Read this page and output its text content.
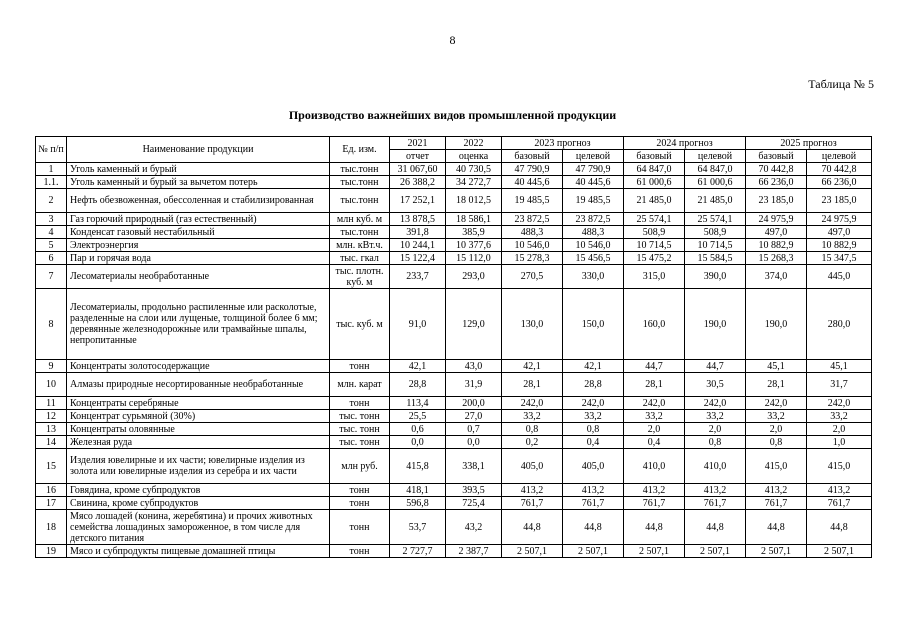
8
Таблица № 5
Производство важнейших видов промышленной продукции
№ п/п	Наименование продукции	Ед. изм.	2021	2022	2023 прогноз		2024 прогноз		2025 прогноз	
			отчет	оценка	базовый	целевой	базовый	целевой	базовый	целевой
1	Уголь каменный и бурый	тыс.тонн	31 067,60	40 730,5	47 790,9	47 790,9	64 847,0	64 847,0	70 442,8	70 442,8
1.1.	Уголь каменный и бурый за вычетом потерь	тыс.тонн	26 388,2	34 272,7	40 445,6	40 445,6	61 000,6	61 000,6	66 236,0	66 236,0
2	Нефть обезвоженная, обессоленная и стабилизированная	тыс.тонн	17 252,1	18 012,5	19 485,5	19 485,5	21 485,0	21 485,0	23 185,0	23 185,0
3	Газ горючий природный (газ естественный)	млн куб. м	13 878,5	18 586,1	23 872,5	23 872,5	25 574,1	25 574,1	24 975,9	24 975,9
4	Конденсат газовый нестабильный	тыс.тонн	391,8	385,9	488,3	488,3	508,9	508,9	497,0	497,0
5	Электроэнергия	млн. кВт.ч.	10 244,1	10 377,6	10 546,0	10 546,0	10 714,5	10 714,5	10 882,9	10 882,9
6	Пар и горячая вода	тыс. гкал	15 122,4	15 112,0	15 278,3	15 456,5	15 475,2	15 584,5	15 268,3	15 347,5
7	Лесоматериалы необработанные	тыс. плотн. куб. м	233,7	293,0	270,5	330,0	315,0	390,0	374,0	445,0
8	Лесоматериалы, продольно распиленные или расколотые, разделенные на слои или лущеные, толщиной более 6 мм; деревянные железнодорожные или трамвайные шпалы, непропитанные	тыс. куб. м	91,0	129,0	130,0	150,0	160,0	190,0	190,0	280,0
9	Концентраты золотосодержащие	тонн	42,1	43,0	42,1	42,1	44,7	44,7	45,1	45,1
10	Алмазы природные несортированные необработанные	млн. карат	28,8	31,9	28,1	28,8	28,1	30,5	28,1	31,7
11	Концентраты серебряные	тонн	113,4	200,0	242,0	242,0	242,0	242,0	242,0	242,0
12	Концентрат сурьмяной (30%)	тыс. тонн	25,5	27,0	33,2	33,2	33,2	33,2	33,2	33,2
13	Концентраты оловянные	тыс. тонн	0,6	0,7	0,8	0,8	2,0	2,0	2,0	2,0
14	Железная руда	тыс. тонн	0,0	0,0	0,2	0,4	0,4	0,8	0,8	1,0
15	Изделия ювелирные и их части; ювелирные изделия из золота или ювелирные изделия из серебра и их части	млн руб.	415,8	338,1	405,0	405,0	410,0	410,0	415,0	415,0
16	Говядина, кроме субпродуктов	тонн	418,1	393,5	413,2	413,2	413,2	413,2	413,2	413,2
17	Свинина, кроме субпродуктов	тонн	596,8	725,4	761,7	761,7	761,7	761,7	761,7	761,7
18	Мясо лошадей (конина, жеребятина) и прочих животных семейства лошадиных замороженное, в том числе для детского питания	тонн	53,7	43,2	44,8	44,8	44,8	44,8	44,8	44,8
19	Мясо и субпродукты пищевые домашней птицы	тонн	2 727,7	2 387,7	2 507,1	2 507,1	2 507,1	2 507,1	2 507,1	2 507,1
